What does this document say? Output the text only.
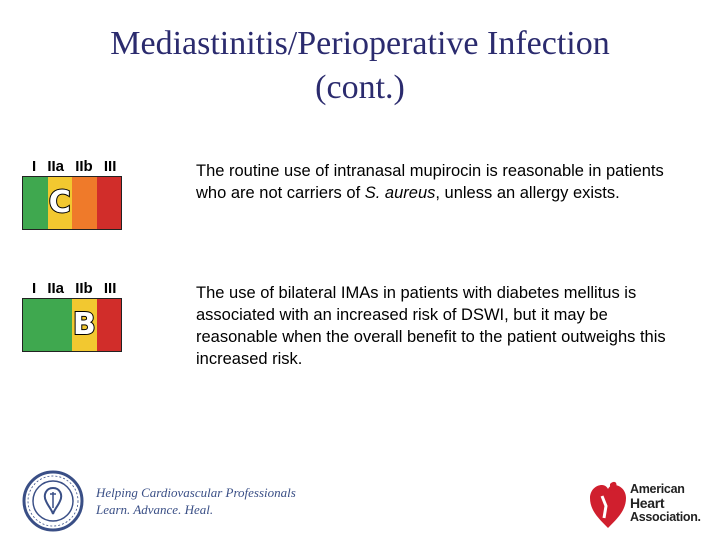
Mediastinitis/Perioperative Infection
(cont.)
I IIa IIb III
C
The routine use of intranasal mupirocin is reasonable in patients who are not carriers of S. aureus, unless an allergy exists.
I IIa IIb III
B
The use of bilateral IMAs in patients with diabetes mellitus is associated with an increased risk of DSWI, but it may be reasonable when the overall benefit to the patient outweighs this increased risk.
Helping Cardiovascular Professionals
Learn. Advance. Heal.
American
Heart
Association.
